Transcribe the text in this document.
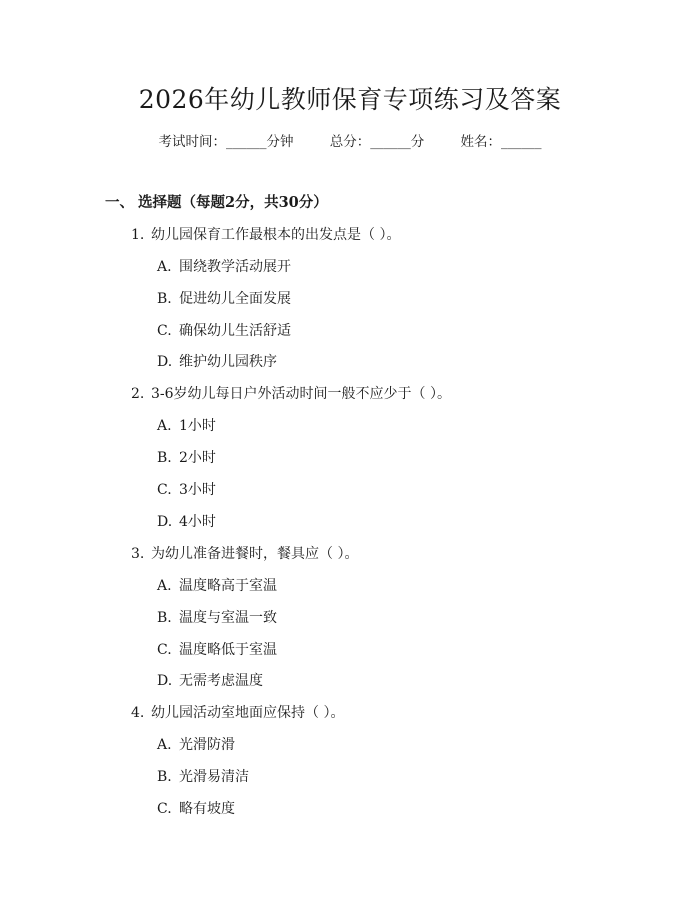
2026年幼儿教师保育专项练习及答案
考试时间：______分钟	总分：______分	姓名：______
一、 选择题（每题2分，共30分）
1. 幼儿园保育工作最根本的出发点是（ ）。
A. 围绕教学活动展开
B. 促进幼儿全面发展
C. 确保幼儿生活舒适
D. 维护幼儿园秩序
2. 3-6岁幼儿每日户外活动时间一般不应少于（ ）。
A. 1小时
B. 2小时
C. 3小时
D. 4小时
3. 为幼儿准备进餐时，餐具应（ ）。
A. 温度略高于室温
B. 温度与室温一致
C. 温度略低于室温
D. 无需考虑温度
4. 幼儿园活动室地面应保持（ ）。
A. 光滑防滑
B. 光滑易清洁
C. 略有坡度
